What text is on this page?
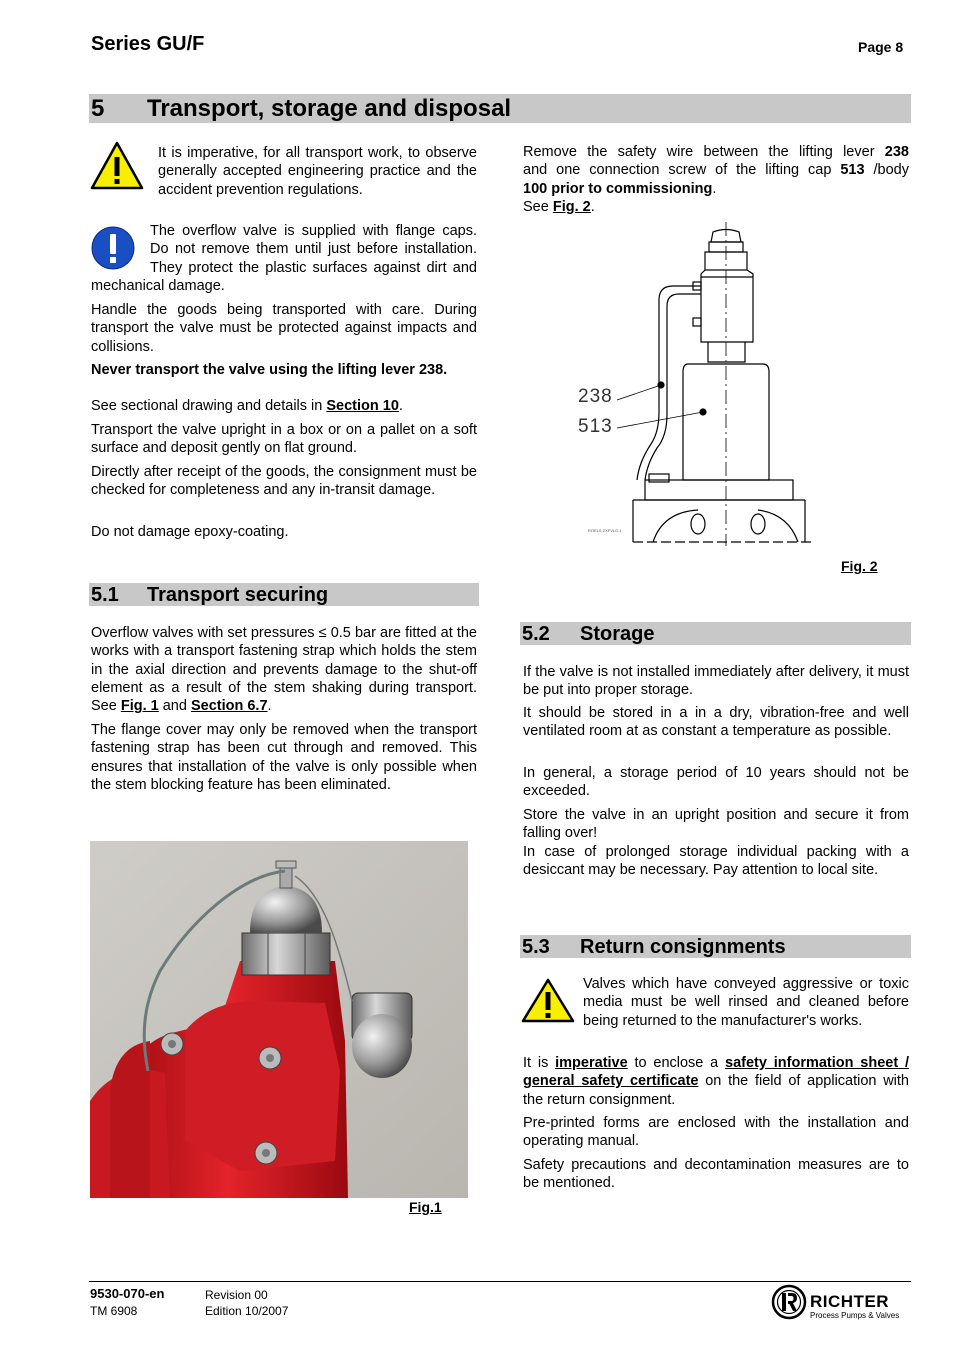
Series GU/F	Page 8
5 Transport, storage and disposal

It is imperative, for all transport work, to observe generally accepted engineering practice and the accident prevention regulations.

The overflow valve is supplied with flange caps. Do not remove them until just before installation. They protect the plastic surfaces against dirt and mechanical damage.

Handle the goods being transported with care. During transport the valve must be protected against impacts and collisions.

Never transport the valve using the lifting lever 238.

See sectional drawing and details in Section 10.

Transport the valve upright in a box or on a pallet on a soft surface and deposit gently on flat ground.

Directly after receipt of the goods, the consignment must be checked for completeness and any in-transit damage.

Do not damage epoxy-coating.

5.1 Transport securing

Overflow valves with set pressures ≤ 0.5 bar are fitted at the works with a transport fastening strap which holds the stem in the axial direction and prevents damage to the shut-off element as a result of the stem shaking during transport. See Fig. 1 and Section 6.7.

The flange cover may only be removed when the transport fastening strap has been cut through and removed. This ensures that installation of the valve is only possible when the stem blocking feature has been eliminated.

Fig.1
Remove the safety wire between the lifting lever 238
and one connection screw of the lifting cap 513 /body
100 prior to commissioning.
See Fig. 2.
238
513
ROELS.ZXFVLG.1
Fig. 2
5.2 Storage

If the valve is not installed immediately after delivery, it must be put into proper storage.

It should be stored in a in a dry, vibration-free and well ventilated room at as constant a temperature as possible.

In general, a storage period of 10 years should not be exceeded.

Store the valve in an upright position and secure it from falling over!

In case of prolonged storage individual packing with a desiccant may be necessary. Pay attention to local site.

5.3 Return consignments

Valves which have conveyed aggressive or toxic media must be well rinsed and cleaned before being returned to the manufacturer's works.

It is imperative to enclose a safety information sheet / general safety certificate on the field of application with the return consignment.

Pre-printed forms are enclosed with the installation and operating manual.

Safety precautions and decontamination measures are to be mentioned.

9530-070-en
TM 6908
Revision 00
Edition 10/2007	RICHTER
Process Pumps & Valves
